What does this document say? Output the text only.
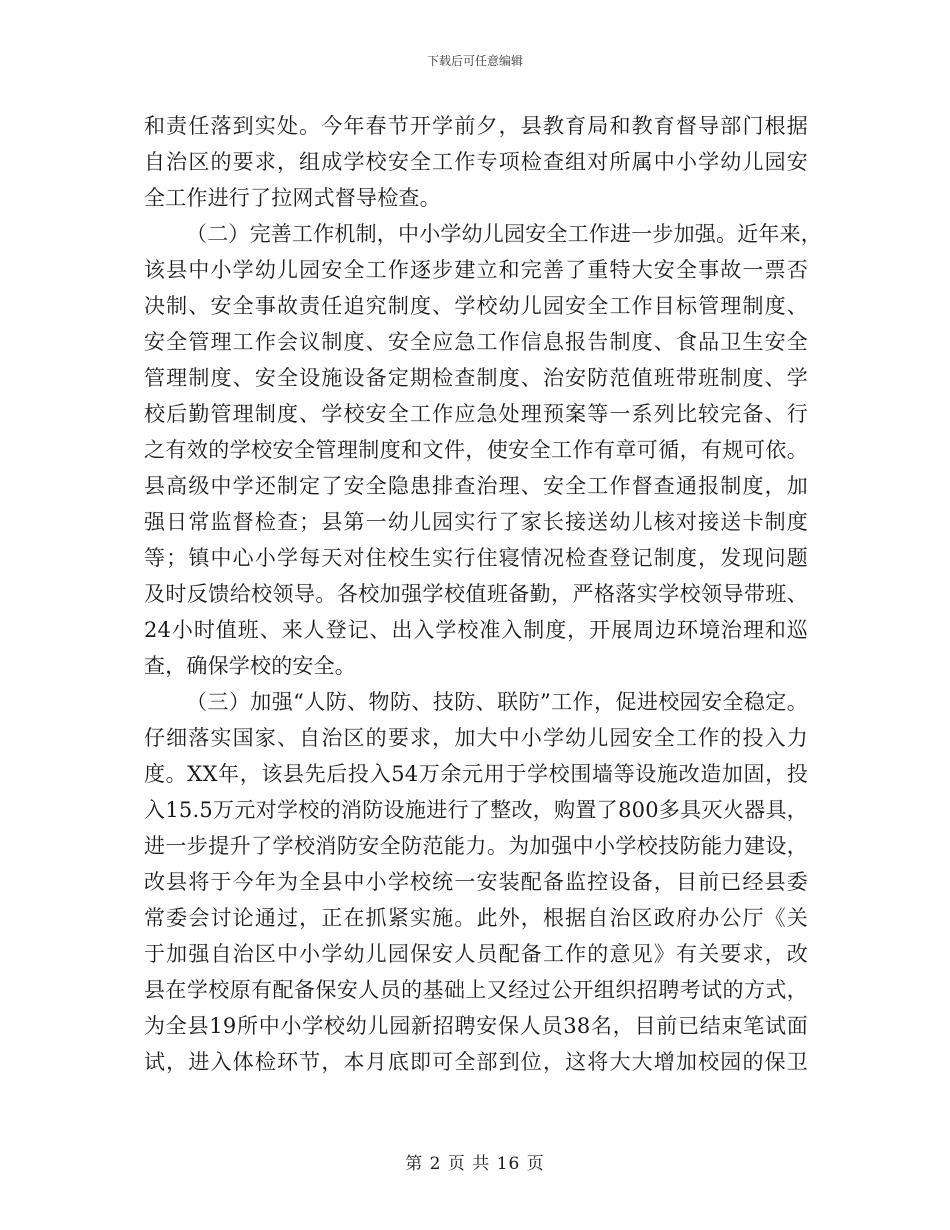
下载后可任意编辑
和责任落到实处。今年春节开学前夕，县教育局和教育督导部门根据
自治区的要求，组成学校安全工作专项检查组对所属中小学幼儿园安
全工作进行了拉网式督导检查。
（二）完善工作机制，中小学幼儿园安全工作进一步加强。近年来，
该县中小学幼儿园安全工作逐步建立和完善了重特大安全事故一票否
决制、安全事故责任追究制度、学校幼儿园安全工作目标管理制度、
安全管理工作会议制度、安全应急工作信息报告制度、食品卫生安全
管理制度、安全设施设备定期检查制度、治安防范值班带班制度、学
校后勤管理制度、学校安全工作应急处理预案等一系列比较完备、行
之有效的学校安全管理制度和文件，使安全工作有章可循，有规可依。
县高级中学还制定了安全隐患排查治理、安全工作督查通报制度，加
强日常监督检查；县第一幼儿园实行了家长接送幼儿核对接送卡制度
等；镇中心小学每天对住校生实行住寝情况检查登记制度，发现问题
及时反馈给校领导。各校加强学校值班备勤，严格落实学校领导带班、
24小时值班、来人登记、出入学校准入制度，开展周边环境治理和巡
查，确保学校的安全。
（三）加强“人防、物防、技防、联防”工作，促进校园安全稳定。
仔细落实国家、自治区的要求，加大中小学幼儿园安全工作的投入力
度。XX年，该县先后投入54万余元用于学校围墙等设施改造加固，投
入15.5万元对学校的消防设施进行了整改，购置了800多具灭火器具，
进一步提升了学校消防安全防范能力。为加强中小学校技防能力建设，
改县将于今年为全县中小学校统一安装配备监控设备，目前已经县委
常委会讨论通过，正在抓紧实施。此外，根据自治区政府办公厅《关
于加强自治区中小学幼儿园保安人员配备工作的意见》有关要求，改
县在学校原有配备保安人员的基础上又经过公开组织招聘考试的方式，
为全县19所中小学校幼儿园新招聘安保人员38名，目前已结束笔试面
试，进入体检环节，本月底即可全部到位，这将大大增加校园的保卫
第 2 页 共 16 页
